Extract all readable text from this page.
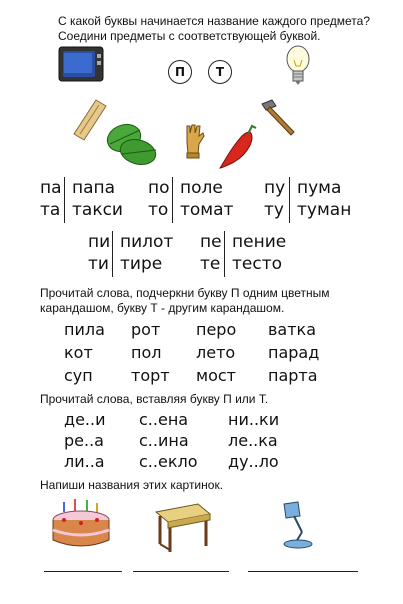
С какой буквы начинается название каждого предмета?
Соедини предметы с соответствующей буквой.
П	Т
па папа по поле пу пума
та такси то томат ту туман
пи пилот пе пение
ти тире те тесто
Прочитай слова, подчеркни букву П одним цветным
карандашом, букву Т - другим карандашом.
пила рот перо ватка
кот пол лето парад
суп торт мост парта
Прочитай слова, вставляя букву П или Т.
де..и с..ена ни..ки
ре..а с..ина ле..ка
ли..а с..екло ду..ло
Напиши названия этих картинок.
